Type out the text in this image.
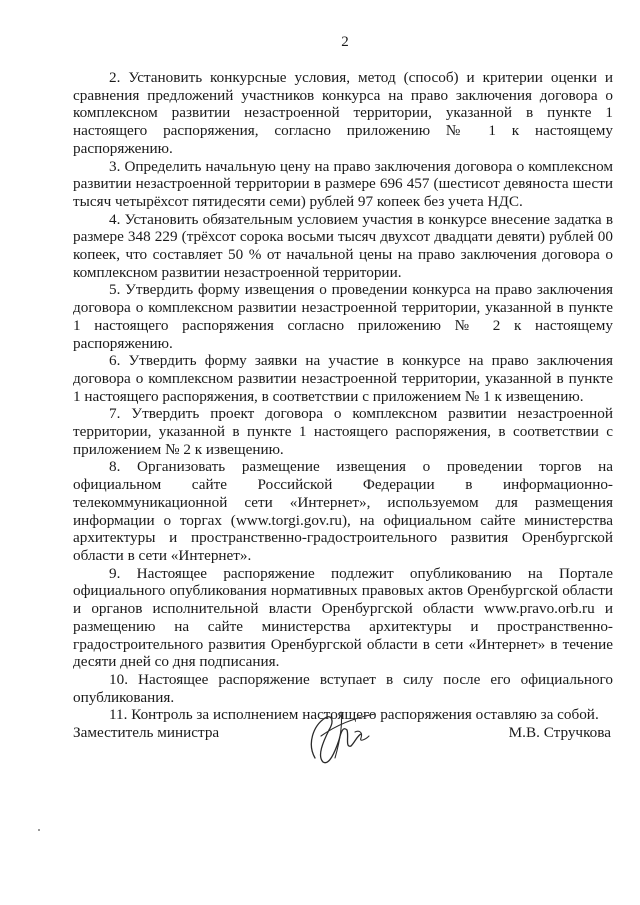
2

2. Установить конкурсные условия, метод (способ) и критерии оценки и сравнения предложений участников конкурса на право заключения договора о комплексном развитии незастроенной территории, указанной в пункте 1 настоящего распоряжения, согласно приложению № 1 к настоящему распоряжению.

3. Определить начальную цену на право заключения договора о комплексном развитии незастроенной территории в размере 696 457 (шестисот девяноста шести тысяч четырёхсот пятидесяти семи) рублей 97 копеек без учета НДС.

4. Установить обязательным условием участия в конкурсе внесение задатка в размере 348 229 (трёхсот сорока восьми тысяч двухсот двадцати девяти) рублей 00 копеек, что составляет 50 % от начальной цены на право заключения договора о комплексном развитии незастроенной территории.

5. Утвердить форму извещения о проведении конкурса на право заключения договора о комплексном развитии незастроенной территории, указанной в пункте 1 настоящего распоряжения согласно приложению № 2 к настоящему распоряжению.

6. Утвердить форму заявки на участие в конкурсе на право заключения договора о комплексном развитии незастроенной территории, указанной в пункте 1 настоящего распоряжения, в соответствии с приложением № 1 к извещению.

7. Утвердить проект договора о комплексном развитии незастроенной территории, указанной в пункте 1 настоящего распоряжения, в соответствии с приложением № 2 к извещению.

8. Организовать размещение извещения о проведении торгов на официальном сайте Российской Федерации в информационно-телекоммуникационной сети «Интернет», используемом для размещения информации о торгах (www.torgi.gov.ru), на официальном сайте министерства архитектуры и пространственно-градостроительного развития Оренбургской области в сети «Интернет».

9. Настоящее распоряжение подлежит опубликованию на Портале официального опубликования нормативных правовых актов Оренбургской области и органов исполнительной власти Оренбургской области www.pravo.orb.ru и размещению на сайте министерства архитектуры и пространственно-градостроительного развития Оренбургской области в сети «Интернет» в течение десяти дней со дня подписания.

10. Настоящее распоряжение вступает в силу после его официального опубликования.

11. Контроль за исполнением настоящего распоряжения оставляю за собой.

Заместитель министра	М.В. Стручкова
